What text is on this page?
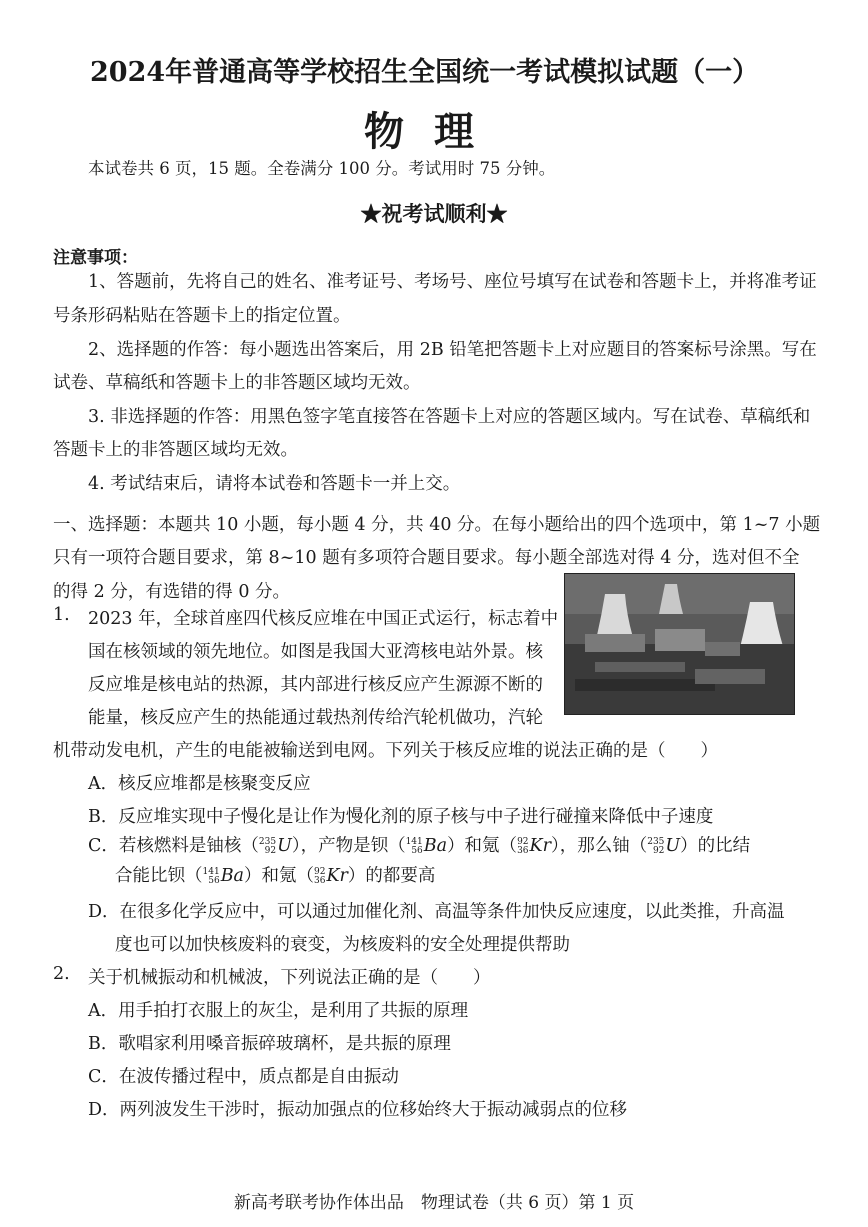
2024年普通高等学校招生全国统一考试模拟试题（一）
物理
本试卷共 6 页，15 题。全卷满分 100 分。考试用时 75 分钟。
★祝考试顺利★
注意事项：
1、答题前，先将自己的姓名、准考证号、考场号、座位号填写在试卷和答题卡上，并将准考证
号条形码粘贴在答题卡上的指定位置。
2、选择题的作答：每小题选出答案后，用 2B 铅笔把答题卡上对应题目的答案标号涂黑。写在
试卷、草稿纸和答题卡上的非答题区域均无效。
3. 非选择题的作答：用黑色签字笔直接答在答题卡上对应的答题区域内。写在试卷、草稿纸和
答题卡上的非答题区域均无效。
4. 考试结束后，请将本试卷和答题卡一并上交。
一、选择题：本题共 10 小题，每小题 4 分，共 40 分。在每小题给出的四个选项中，第 1~7 小题
只有一项符合题目要求，第 8~10 题有多项符合题目要求。每小题全部选对得 4 分，选对但不全
的得 2 分，有选错的得 0 分。
1. 2023 年，全球首座四代核反应堆在中国正式运行，标志着中
国在核领域的领先地位。如图是我国大亚湾核电站外景。核
反应堆是核电站的热源，其内部进行核反应产生源源不断的
能量，核反应产生的热能通过载热剂传给汽轮机做功，汽轮
机带动发电机，产生的电能被输送到电网。下列关于核反应堆的说法正确的是（　　）
A．核反应堆都是核聚变反应
B．反应堆实现中子慢化是让作为慢化剂的原子核与中子进行碰撞来降低中子速度
C．若核燃料是铀核（ 235
92 U），产物是钡（ 141
56 Ba）和氪（ 92
36 Kr），那么铀（ 235
92 U）的比结
合能比钡（ 141
56 Ba）和氪（ 92
36 Kr）的都要高
D．在很多化学反应中，可以通过加催化剂、高温等条件加快反应速度，以此类推，升高温
度也可以加快核废料的衰变，为核废料的安全处理提供帮助
2. 关于机械振动和机械波，下列说法正确的是（　　）
A．用手拍打衣服上的灰尘，是利用了共振的原理
B．歌唱家利用嗓音振碎玻璃杯，是共振的原理
C．在波传播过程中，质点都是自由振动
D．两列波发生干涉时，振动加强点的位移始终大于振动减弱点的位移
新高考联考协作体出品　物理试卷（共 6 页）第 1 页
